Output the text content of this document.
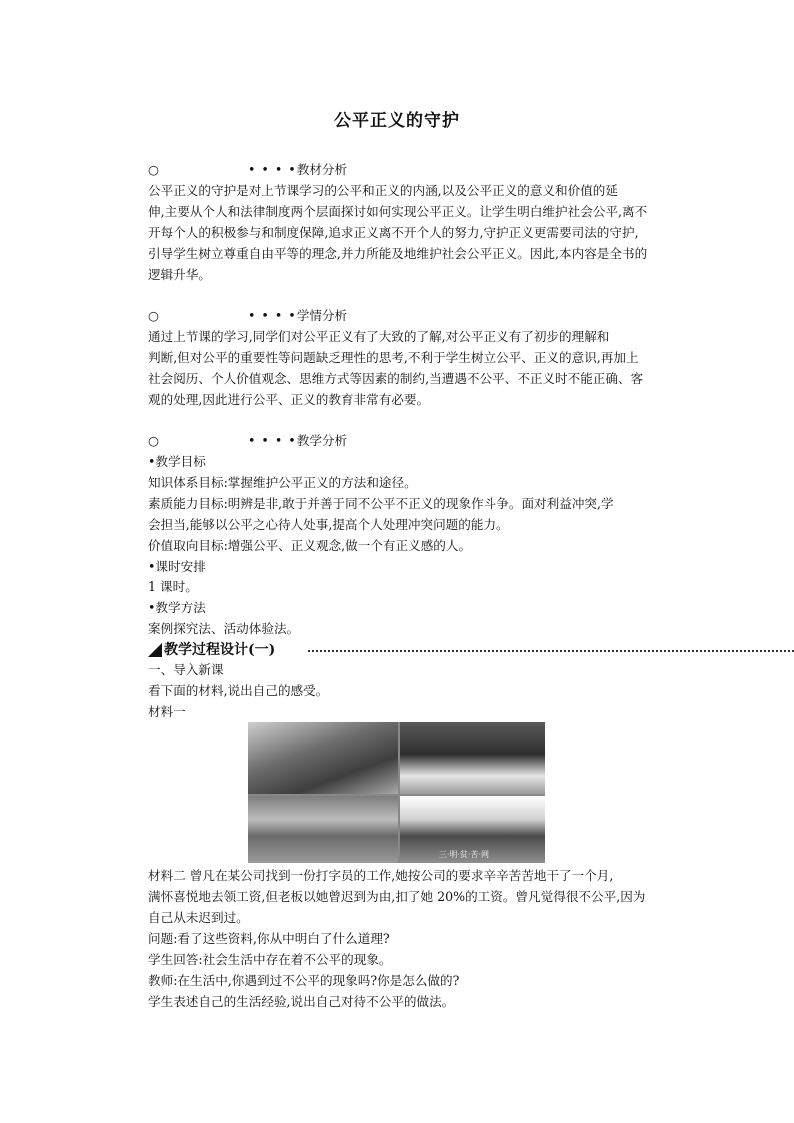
公平正义的守护
○	• • • •教材分析
公平正义的守护是对上节课学习的公平和正义的内涵,以及公平正义的意义和价值的延
伸,主要从个人和法律制度两个层面探讨如何实现公平正义。让学生明白维护社会公平,离不
开每个人的积极参与和制度保障,追求正义离不开个人的努力,守护正义更需要司法的守护,
引导学生树立尊重自由平等的理念,并力所能及地维护社会公平正义。因此,本内容是全书的
逻辑升华。
○	• • • •学情分析
通过上节课的学习,同学们对公平正义有了大致的了解,对公平正义有了初步的理解和
判断,但对公平的重要性等问题缺乏理性的思考,不利于学生树立公平、正义的意识,再加上
社会阅历、个人价值观念、思维方式等因素的制约,当遭遇不公平、不正义时不能正确、客
观的处理,因此进行公平、正义的教育非常有必要。
○	• • • •教学分析
•教学目标
知识体系目标:掌握维护公平正义的方法和途径。
素质能力目标:明辨是非,敢于并善于同不公平不正义的现象作斗争。面对利益冲突,学
会担当,能够以公平之心待人处事,提高个人处理冲突问题的能力。
价值取向目标:增强公平、正义观念,做一个有正义感的人。
•课时安排
1 课时。
•教学方法
案例探究法、活动体验法。
教学过程设计(一)
一、导入新课
看下面的材料,说出自己的感受。
材料一
三·明·贫·苦·网
材料二 曾凡在某公司找到一份打字员的工作,她按公司的要求辛辛苦苦地干了一个月,
满怀喜悦地去领工资,但老板以她曾迟到为由,扣了她 20%的工资。曾凡觉得很不公平,因为
自己从未迟到过。
问题:看了这些资料,你从中明白了什么道理?
学生回答:社会生活中存在着不公平的现象。
教师:在生活中,你遇到过不公平的现象吗?你是怎么做的?
学生表述自己的生活经验,说出自己对待不公平的做法。
